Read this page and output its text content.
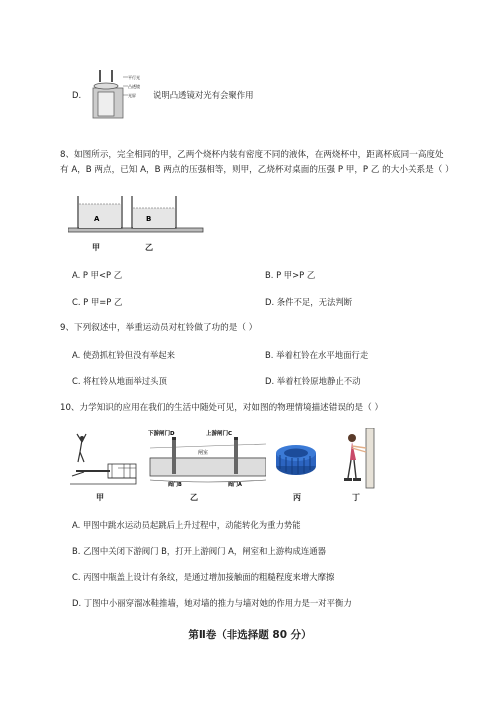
D.
平行光
凸透镜
光屏 说明凸透镜对光有会聚作用
8、如图所示，完全相同的甲，乙两个烧杯内装有密度不同的液体，在两烧杯中，距离杯底同一高度处
有 A，B 两点，已知 A，B 两点的压强相等，则甲，乙烧杯对桌面的压强 P 甲，P 乙 的大小关系是（ ）
A	B
甲	乙
A. P 甲<P 乙	B. P 甲>P 乙
C. P 甲=P 乙	D. 条件不足，无法判断
9、下列叙述中，举重运动员对杠铃做了功的是（ ）
A. 使劲抓杠铃但没有举起来	B. 举着杠铃在水平地面行走
C. 将杠铃从地面举过头顶	D. 举着杠铃原地静止不动
10、力学知识的应用在我们的生活中随处可见，对如图的物理情境描述错误的是（ ）
甲
下游闸门D	上游闸门C
闸室
阀门B	阀门A
乙	丙	丁
A. 甲图中跳水运动员起跳后上升过程中，动能转化为重力势能
B. 乙图中关闭下游阀门 B，打开上游阀门 A，闸室和上游构成连通器
C. 丙图中瓶盖上设计有条纹，是通过增加接触面的粗糙程度来增大摩擦
D. 丁图中小丽穿溜冰鞋推墙，她对墙的推力与墙对她的作用力是一对平衡力
第Ⅱ卷（非选择题 80 分）
